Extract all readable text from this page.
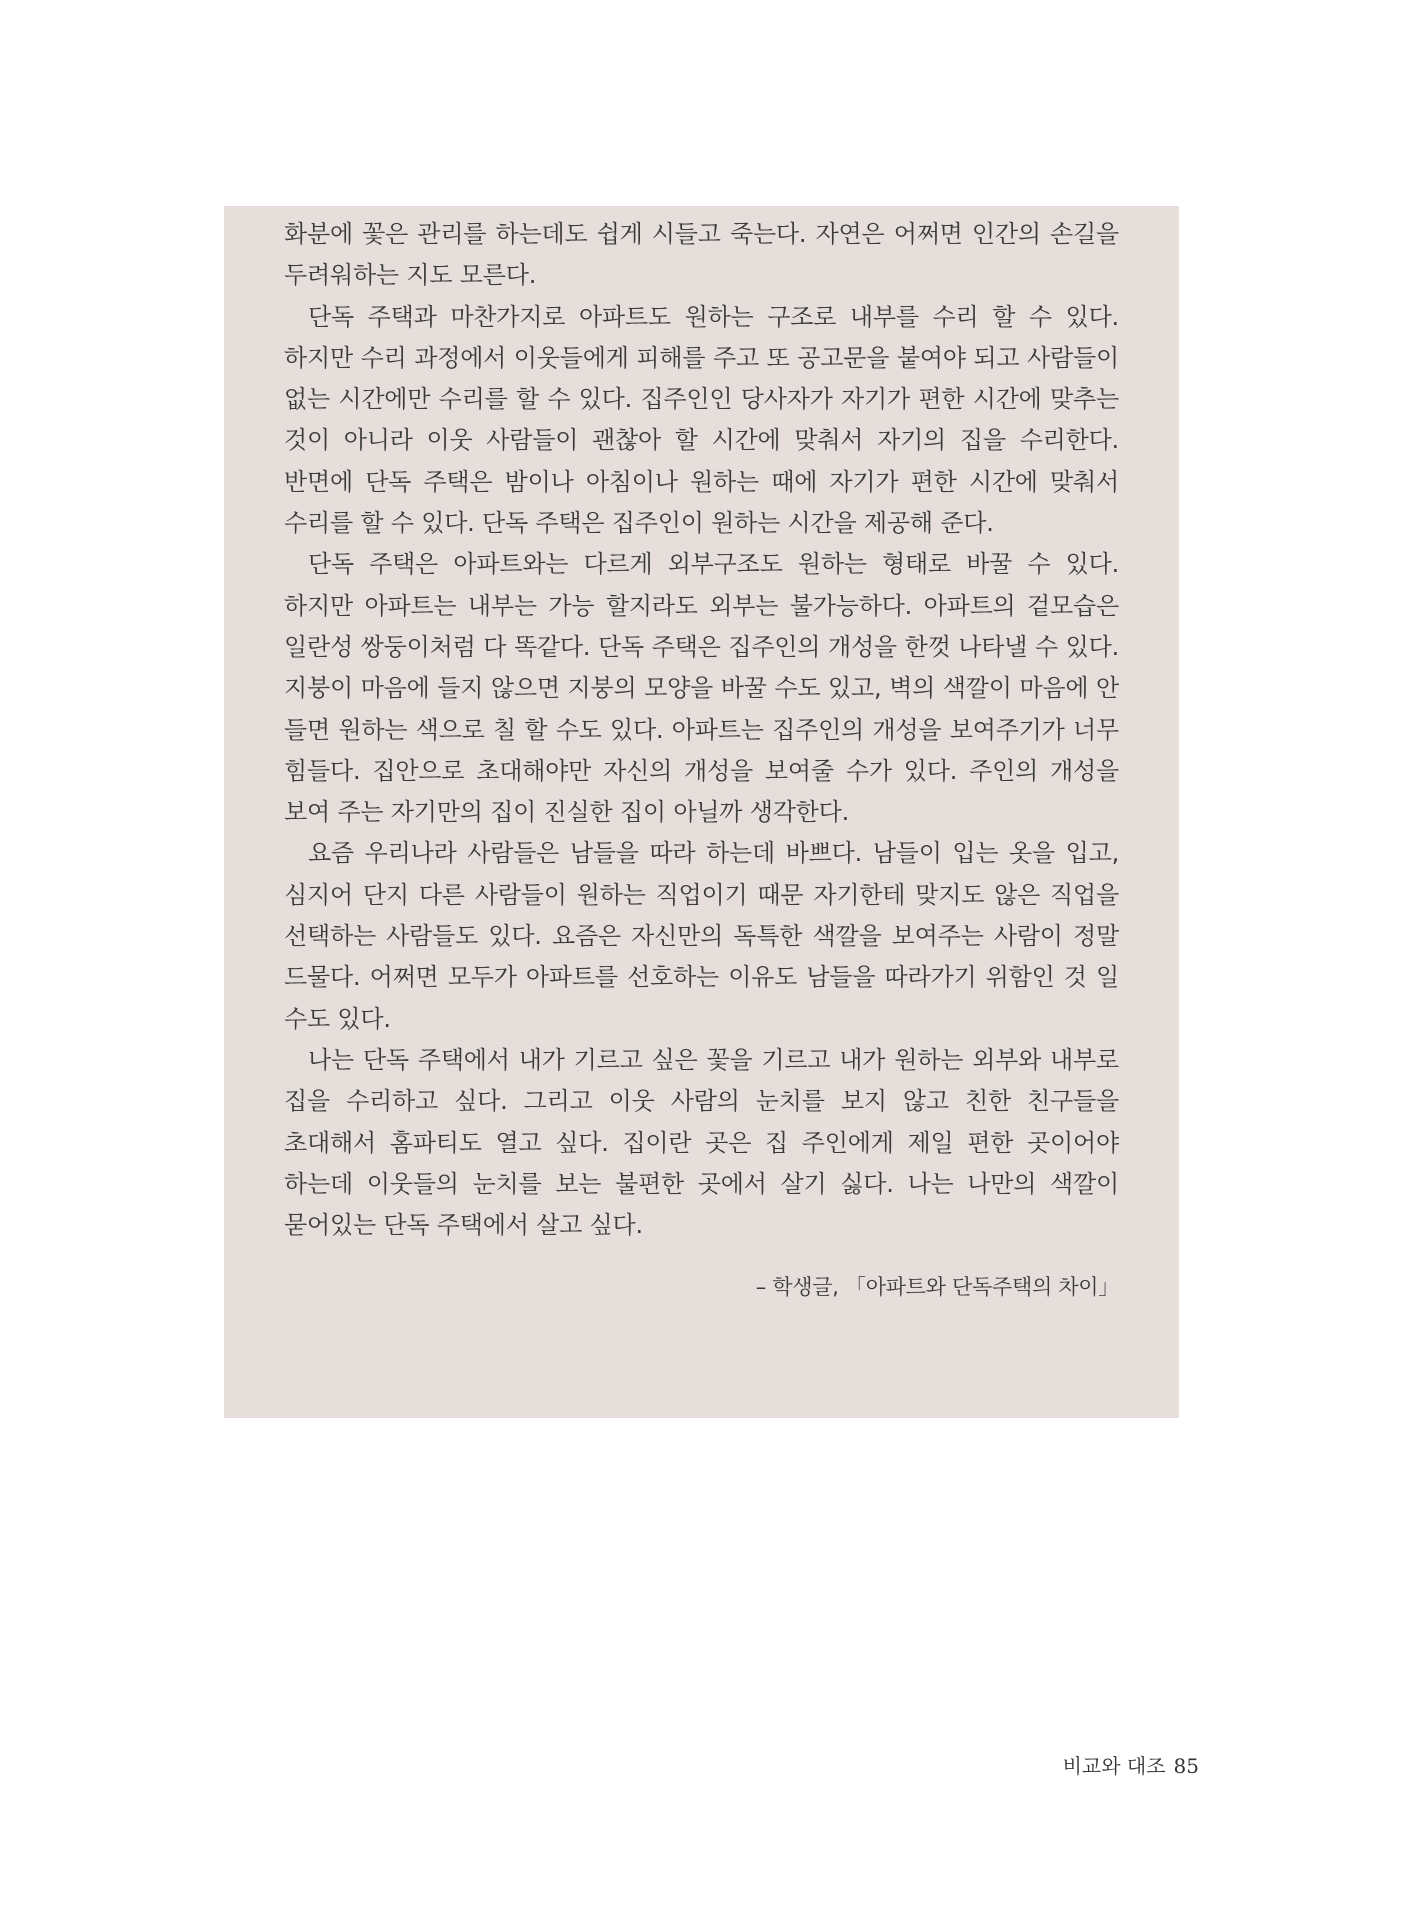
화분에 꽃은 관리를 하는데도 쉽게 시들고 죽는다. 자연은 어쩌면 인간의 손길을 두려워하는 지도 모른다.

단독 주택과 마찬가지로 아파트도 원하는 구조로 내부를 수리 할 수 있다. 하지만 수리 과정에서 이웃들에게 피해를 주고 또 공고문을 붙여야 되고 사람들이 없는 시간에만 수리를 할 수 있다. 집주인인 당사자가 자기가 편한 시간에 맞추는 것이 아니라 이웃 사람들이 괜찮아 할 시간에 맞춰서 자기의 집을 수리한다. 반면에 단독 주택은 밤이나 아침이나 원하는 때에 자기가 편한 시간에 맞춰서 수리를 할 수 있다. 단독 주택은 집주인이 원하는 시간을 제공해 준다.

단독 주택은 아파트와는 다르게 외부구조도 원하는 형태로 바꿀 수 있다. 하지만 아파트는 내부는 가능 할지라도 외부는 불가능하다. 아파트의 겉모습은 일란성 쌍둥이처럼 다 똑같다. 단독 주택은 집주인의 개성을 한껏 나타낼 수 있다. 지붕이 마음에 들지 않으면 지붕의 모양을 바꿀 수도 있고, 벽의 색깔이 마음에 안 들면 원하는 색으로 칠 할 수도 있다. 아파트는 집주인의 개성을 보여주기가 너무 힘들다. 집안으로 초대해야만 자신의 개성을 보여줄 수가 있다. 주인의 개성을 보여 주는 자기만의 집이 진실한 집이 아닐까 생각한다.

요즘 우리나라 사람들은 남들을 따라 하는데 바쁘다. 남들이 입는 옷을 입고, 심지어 단지 다른 사람들이 원하는 직업이기 때문 자기한테 맞지도 않은 직업을 선택하는 사람들도 있다. 요즘은 자신만의 독특한 색깔을 보여주는 사람이 정말 드물다. 어쩌면 모두가 아파트를 선호하는 이유도 남들을 따라가기 위함인 것 일 수도 있다.

나는 단독 주택에서 내가 기르고 싶은 꽃을 기르고 내가 원하는 외부와 내부로 집을 수리하고 싶다. 그리고 이웃 사람의 눈치를 보지 않고 친한 친구들을 초대해서 홈파티도 열고 싶다. 집이란 곳은 집 주인에게 제일 편한 곳이어야 하는데 이웃들의 눈치를 보는 불편한 곳에서 살기 싫다. 나는 나만의 색깔이 묻어있는 단독 주택에서 살고 싶다.

– 학생글, 「아파트와 단독주택의 차이」

비교와 대조 85
